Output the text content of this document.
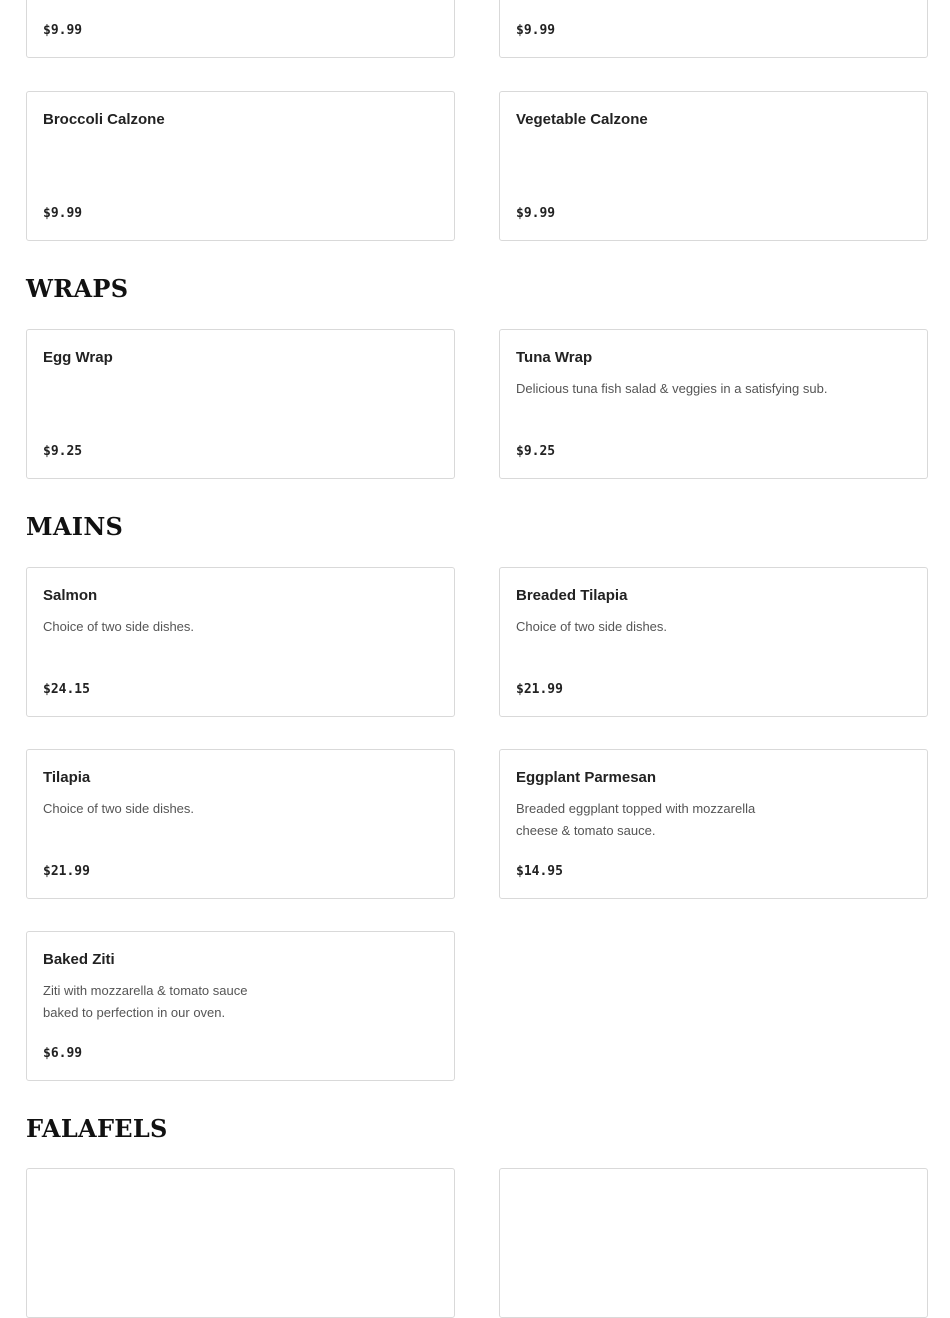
$9.99	$9.99
Broccoli Calzone
$9.99
Vegetable Calzone
$9.99
WRAPS
Egg Wrap
$9.25
Tuna Wrap
Delicious tuna fish salad & veggies in a satisfying sub.
$9.25
MAINS
Salmon
Choice of two side dishes.
$24.15
Breaded Tilapia
Choice of two side dishes.
$21.99
Tilapia
Choice of two side dishes.
$21.99
Eggplant Parmesan
Breaded eggplant topped with mozzarella cheese & tomato sauce.
$14.95
Baked Ziti
Ziti with mozzarella & tomato sauce baked to perfection in our oven.
$6.99
FALAFELS
